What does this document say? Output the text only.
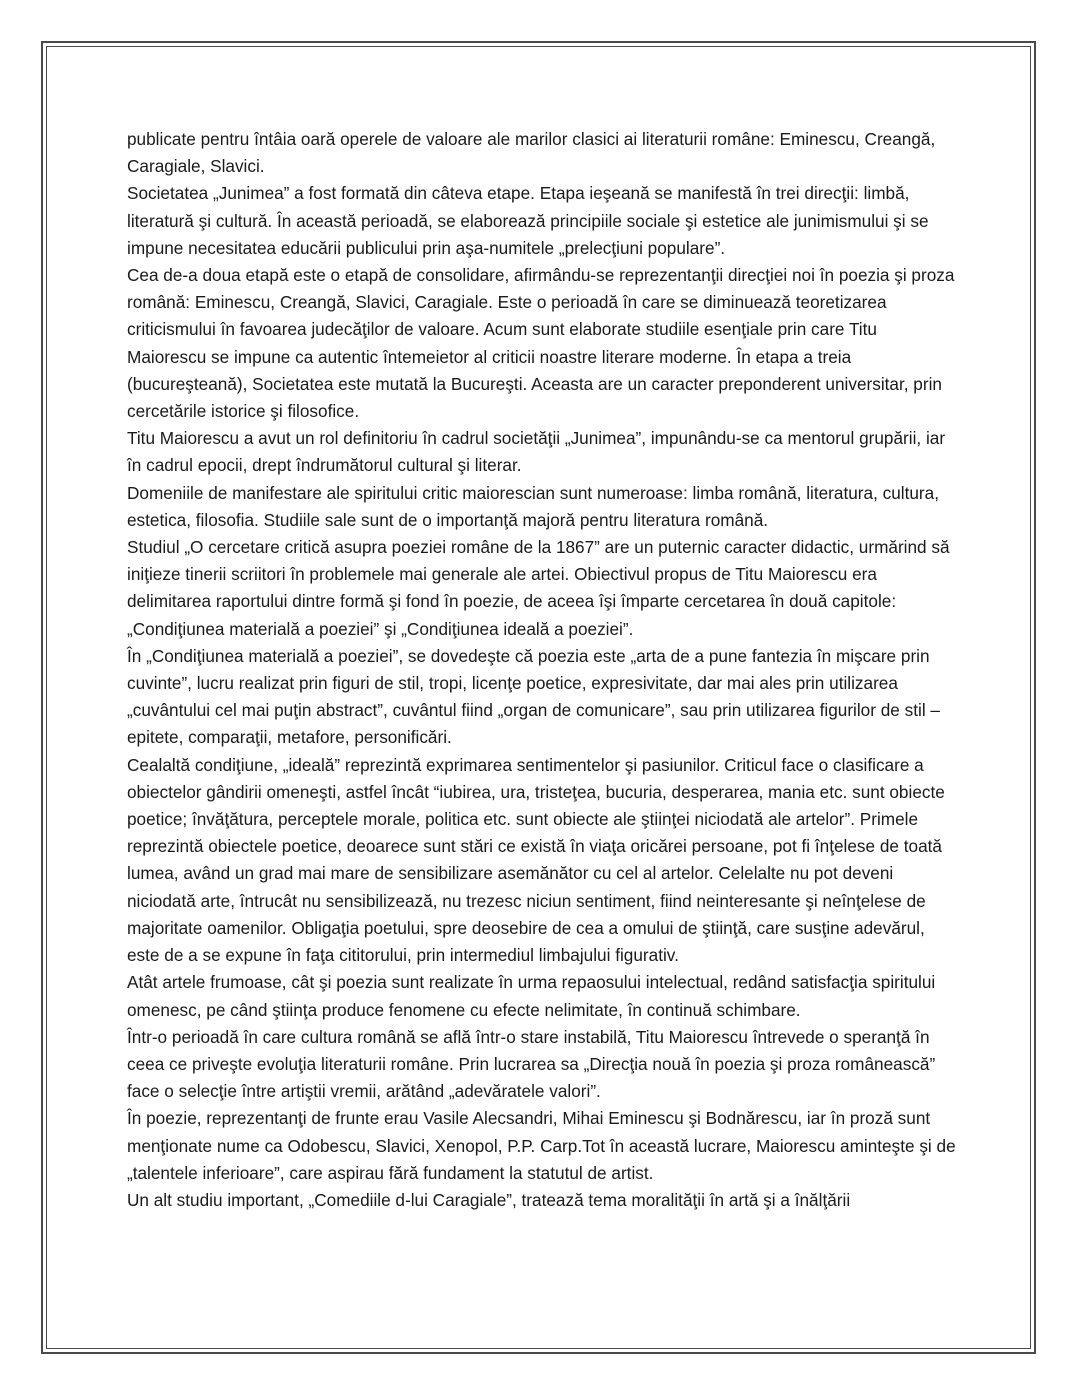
publicate pentru întâia oară operele de valoare ale marilor clasici ai literaturii române: Eminescu, Creangă, Caragiale, Slavici.

Societatea „Junimea” a fost formată din câteva etape. Etapa ieşeană se manifestă în trei direcţii: limbă, literatură şi cultură. În această perioadă, se elaborează principiile sociale şi estetice ale junimismului şi se impune necesitatea educării publicului prin aşa-numitele „prelecţiuni populare”.

Cea de-a doua etapă este o etapă de consolidare, afirmându-se reprezentanţii direcţiei noi în poezia şi proza română: Eminescu, Creangă, Slavici, Caragiale. Este o perioadă în care se diminuează teoretizarea criticismului în favoarea judecăţilor de valoare. Acum sunt elaborate studiile esenţiale prin care Titu Maiorescu se impune ca autentic întemeietor al criticii noastre literare moderne. În etapa a treia (bucureşteană), Societatea este mutată la Bucureşti. Aceasta are un caracter preponderent universitar, prin cercetările istorice şi filosofice.

Titu Maiorescu a avut un rol definitoriu în cadrul societăţii „Junimea”, impunându-se ca mentorul grupării, iar în cadrul epocii, drept îndrumătorul cultural şi literar.

Domeniile de manifestare ale spiritului critic maiorescian sunt numeroase: limba română, literatura, cultura, estetica, filosofia. Studiile sale sunt de o importanţă majoră pentru literatura română.

Studiul „O cercetare critică asupra poeziei române de la 1867” are un puternic caracter didactic, urmărind să iniţieze tinerii scriitori în problemele mai generale ale artei. Obiectivul propus de Titu Maiorescu era delimitarea raportului dintre formă şi fond în poezie, de aceea îşi împarte cercetarea în două capitole: „Condiţiunea materială a poeziei” şi „Condiţiunea ideală a poeziei”.

În „Condiţiunea materială a poeziei”, se dovedeşte că poezia este „arta de a pune fantezia în mişcare prin cuvinte”, lucru realizat prin figuri de stil, tropi, licenţe poetice, expresivitate, dar mai ales prin utilizarea „cuvântului cel mai puţin abstract”, cuvântul fiind „organ de comunicare”, sau prin utilizarea figurilor de stil – epitete, comparaţii, metafore, personificări.

Cealaltă condiţiune, „ideală” reprezintă exprimarea sentimentelor şi pasiunilor. Criticul face o clasificare a obiectelor gândirii omeneşti, astfel încât “iubirea, ura, tristeţea, bucuria, desperarea, mania etc. sunt obiecte poetice; învăţătura, perceptele morale, politica etc. sunt obiecte ale ştiinţei niciodată ale artelor”. Primele reprezintă obiectele poetice, deoarece sunt stări ce există în viaţa oricărei persoane, pot fi înţelese de toată lumea, având un grad mai mare de sensibilizare asemănător cu cel al artelor. Celelalte nu pot deveni niciodată arte, întrucât nu sensibilizează, nu trezesc niciun sentiment, fiind neinteresante şi neînţelese de majoritate oamenilor. Obligaţia poetului, spre deosebire de cea a omului de ştiinţă, care susţine adevărul, este de a se expune în faţa cititorului, prin intermediul limbajului figurativ.

Atât artele frumoase, cât şi poezia sunt realizate în urma repaosului intelectual, redând satisfacţia spiritului omenesc, pe când ştiinţa produce fenomene cu efecte nelimitate, în continuă schimbare.

Într-o perioadă în care cultura română se află într-o stare instabilă, Titu Maiorescu întrevede o speranţă în ceea ce priveşte evoluţia literaturii române. Prin lucrarea sa „Direcţia nouă în poezia şi proza românească” face o selecţie între artiştii vremii, arătând „adevăratele valori”.

În poezie, reprezentanţi de frunte erau Vasile Alecsandri, Mihai Eminescu şi Bodnărescu, iar în proză sunt menţionate nume ca Odobescu, Slavici, Xenopol, P.P. Carp.Tot în această lucrare, Maiorescu aminteşte şi de „talentele inferioare”, care aspirau fără fundament la statutul de artist.

Un alt studiu important, „Comediile d-lui Caragiale”, tratează tema moralităţii în artă şi a înălţării
